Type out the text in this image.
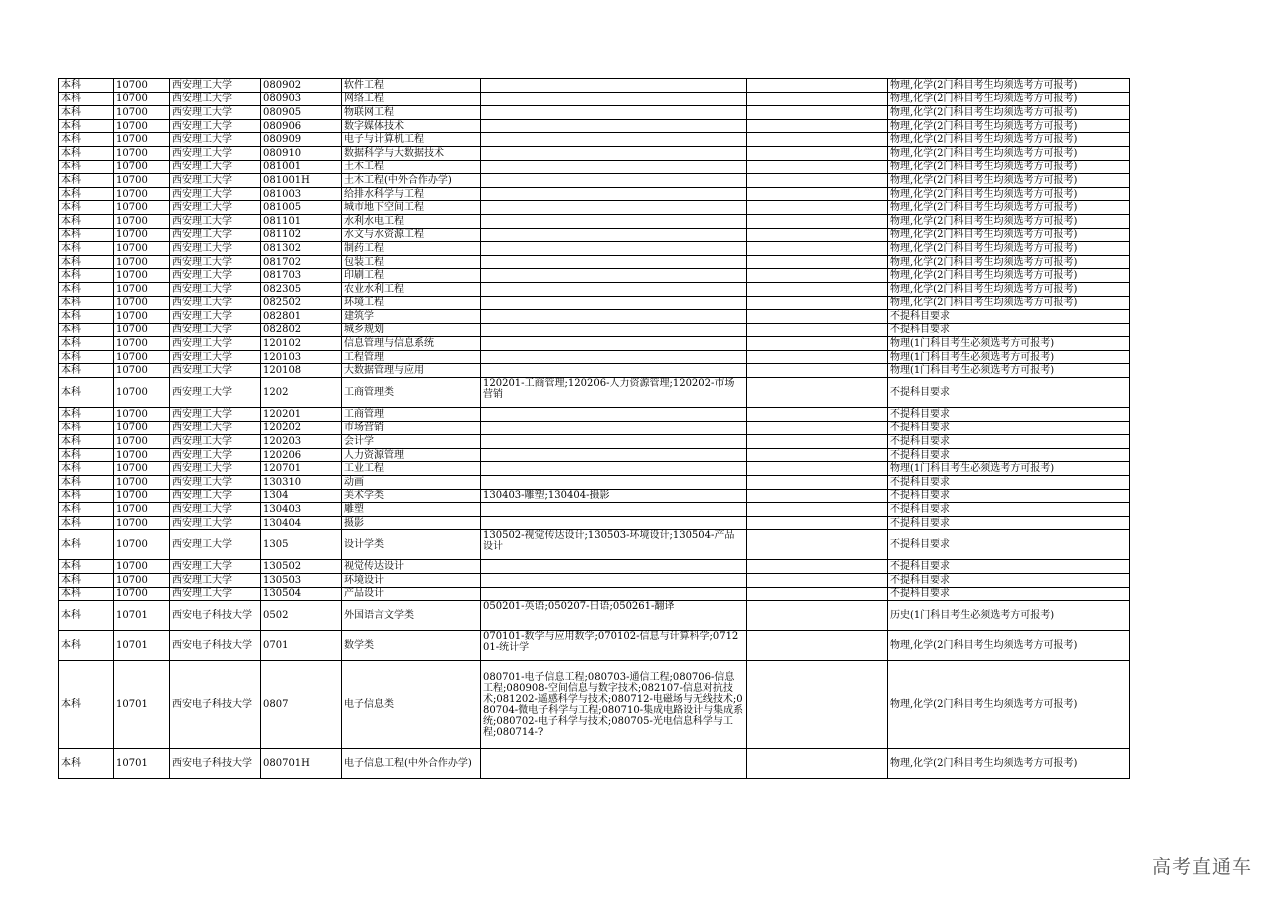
本科	10700	西安理工大学	080902	软件工程			物理,化学(2门科目考生均须选考方可报考)
本科	10700	西安理工大学	080903	网络工程			物理,化学(2门科目考生均须选考方可报考)
本科	10700	西安理工大学	080905	物联网工程			物理,化学(2门科目考生均须选考方可报考)
本科	10700	西安理工大学	080906	数字媒体技术			物理,化学(2门科目考生均须选考方可报考)
本科	10700	西安理工大学	080909	电子与计算机工程			物理,化学(2门科目考生均须选考方可报考)
本科	10700	西安理工大学	080910	数据科学与大数据技术			物理,化学(2门科目考生均须选考方可报考)
本科	10700	西安理工大学	081001	土木工程			物理,化学(2门科目考生均须选考方可报考)
本科	10700	西安理工大学	081001H	土木工程(中外合作办学)			物理,化学(2门科目考生均须选考方可报考)
本科	10700	西安理工大学	081003	给排水科学与工程			物理,化学(2门科目考生均须选考方可报考)
本科	10700	西安理工大学	081005	城市地下空间工程			物理,化学(2门科目考生均须选考方可报考)
本科	10700	西安理工大学	081101	水利水电工程			物理,化学(2门科目考生均须选考方可报考)
本科	10700	西安理工大学	081102	水文与水资源工程			物理,化学(2门科目考生均须选考方可报考)
本科	10700	西安理工大学	081302	制药工程			物理,化学(2门科目考生均须选考方可报考)
本科	10700	西安理工大学	081702	包装工程			物理,化学(2门科目考生均须选考方可报考)
本科	10700	西安理工大学	081703	印刷工程			物理,化学(2门科目考生均须选考方可报考)
本科	10700	西安理工大学	082305	农业水利工程			物理,化学(2门科目考生均须选考方可报考)
本科	10700	西安理工大学	082502	环境工程			物理,化学(2门科目考生均须选考方可报考)
本科	10700	西安理工大学	082801	建筑学			不提科目要求
本科	10700	西安理工大学	082802	城乡规划			不提科目要求
本科	10700	西安理工大学	120102	信息管理与信息系统			物理(1门科目考生必须选考方可报考)
本科	10700	西安理工大学	120103	工程管理			物理(1门科目考生必须选考方可报考)
本科	10700	西安理工大学	120108	大数据管理与应用			物理(1门科目考生必须选考方可报考)
本科	10700	西安理工大学	1202	工商管理类	120201-工商管理;120206-人力资源管理;120202-市场营销		不提科目要求
本科	10700	西安理工大学	120201	工商管理			不提科目要求
本科	10700	西安理工大学	120202	市场营销			不提科目要求
本科	10700	西安理工大学	120203	会计学			不提科目要求
本科	10700	西安理工大学	120206	人力资源管理			不提科目要求
本科	10700	西安理工大学	120701	工业工程			物理(1门科目考生必须选考方可报考)
本科	10700	西安理工大学	130310	动画			不提科目要求
本科	10700	西安理工大学	1304	美术学类	130403-雕塑;130404-摄影		不提科目要求
本科	10700	西安理工大学	130403	雕塑			不提科目要求
本科	10700	西安理工大学	130404	摄影			不提科目要求
本科	10700	西安理工大学	1305	设计学类	130502-视觉传达设计;130503-环境设计;130504-产品设计		不提科目要求
本科	10700	西安理工大学	130502	视觉传达设计			不提科目要求
本科	10700	西安理工大学	130503	环境设计			不提科目要求
本科	10700	西安理工大学	130504	产品设计			不提科目要求
本科	10701	西安电子科技大学	0502	外国语言文学类	050201-英语;050207-日语;050261-翻译		历史(1门科目考生必须选考方可报考)
本科	10701	西安电子科技大学	0701	数学类	070101-数学与应用数学;070102-信息与计算科学;071201-统计学		物理,化学(2门科目考生均须选考方可报考)
本科	10701	西安电子科技大学	0807	电子信息类	080701-电子信息工程;080703-通信工程;080706-信息工程;080908-空间信息与数字技术;082107-信息对抗技术;081202-遥感科学与技术;080712-电磁场与无线技术;080704-微电子科学与工程;080710-集成电路设计与集成系统;080702-电子科学与技术;080705-光电信息科学与工程;080714-?		物理,化学(2门科目考生均须选考方可报考)
本科	10701	西安电子科技大学	080701H	电子信息工程(中外合作办学)			物理,化学(2门科目考生均须选考方可报考)
高考直通车
